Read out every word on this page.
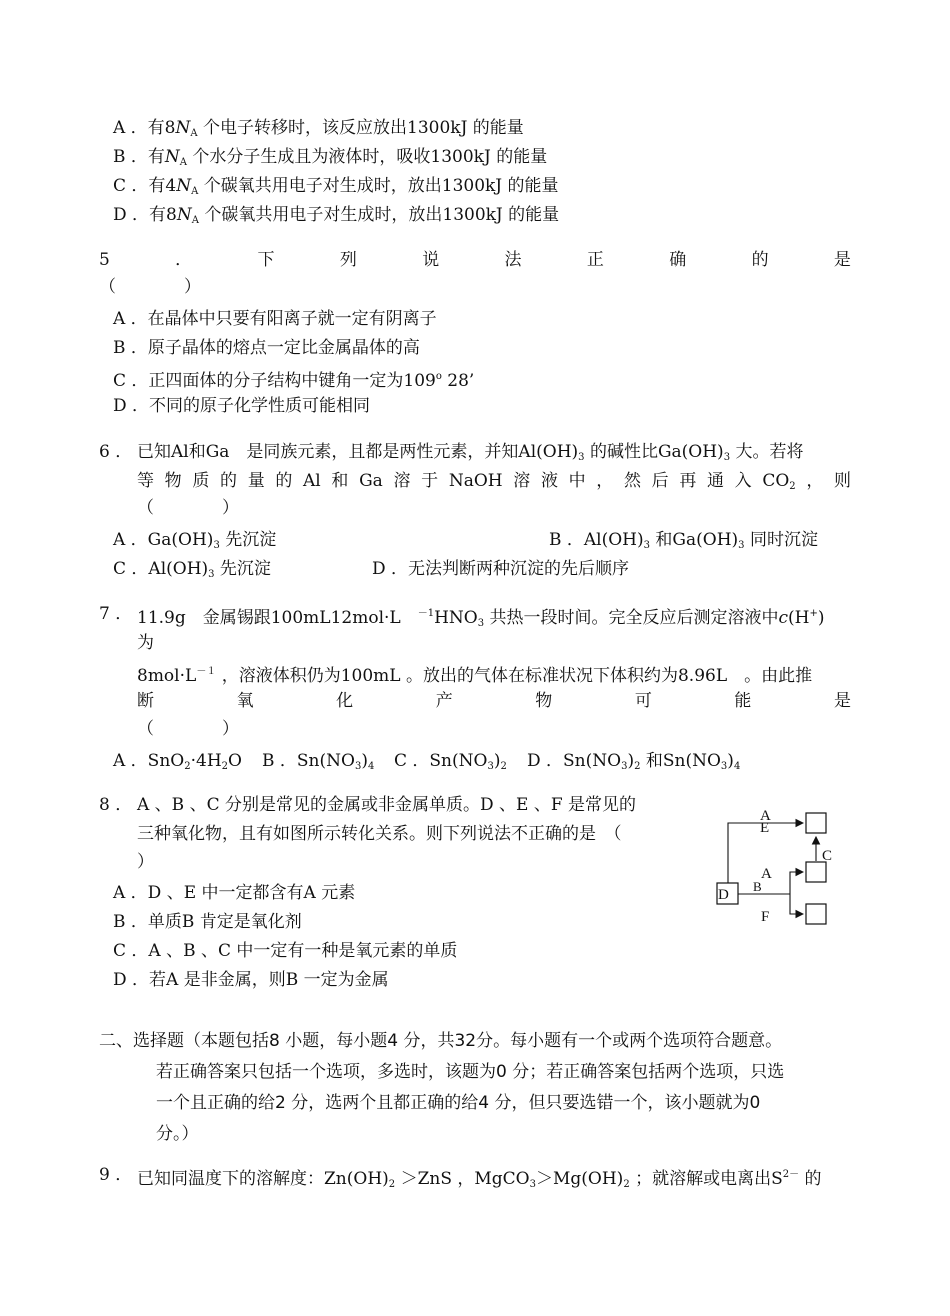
A ．有$8N_A$ 个电子转移时，该反应放出1300kJ 的能量
B ．有$N_A$ 个水分子生成且为液体时，吸收1300kJ 的能量
C ．有$4N_A$ 个碳氧共用电子对生成时，放出1300kJ 的能量
D ．有$8N_A$ 个碳氧共用电子对生成时，放出1300kJ 的能量
5	．	下	列	说	法	正	确	的	是
（　　　　）
A ．在晶体中只要有阳离子就一定有阴离子
B ．原子晶体的熔点一定比金属晶体的高
C ．正四面体的分子结构中键角一定为109$^o$ 28’
D ．不同的原子化学性质可能相同
6 ． 已知Al和Ga　是同族元素，且都是两性元素，并知$Al(OH)_3$ 的碱性比$Ga(OH)_3$ 大。若将
等 物 质 的 量 的 Al 和 Ga 溶 于 NaOH 溶 液 中 ， 然 后 再 通 入 $CO_2$ ， 则
（　　　　）
A ．$Ga(OH)_3$ 先沉淀	B ．$Al(OH)_3$ 和$Ga(OH)_3$ 同时沉淀
C ．$Al(OH)_3$ 先沉淀	D ．无法判断两种沉淀的先后顺序
7 ． 11.9g　金属锡跟100mL12mol·L　$^{-1}HNO_3$ 共热一段时间。完全反应后测定溶液中c(H+)
为
$8mol\cdot L^{-1}$ ，溶液体积仍为100mL 。放出的气体在标准状况下体积约为8.96L　。由此推
断	氧	化	产	物	可	能	是
（　　　　）
A ．$SnO_2\cdot 4H_2O$ B ．$Sn(NO_3)_4$ C ．$Sn(NO_3)_2$ D ．$Sn(NO_3)_2$ 和$Sn(NO_3)_4$
8 ． A 、B 、C 分别是常见的金属或非金属单质。D 、E 、F 是常见的
三种氧化物，且有如图所示转化关系。则下列说法不正确的是　（
）
A ．D 、E 中一定都含有A 元素
B ．单质B 肯定是氧化剂
C ．A 、B 、C 中一定有一种是氧元素的单质
D ．若A 是非金属，则B 一定为金属
D
A
E
A
B
C
F
二、选择题（本题包括8 小题，每小题4 分，共32分。每小题有一个或两个选项符合题意。
若正确答案只包括一个选项，多选时，该题为0 分；若正确答案包括两个选项，只选
一个且正确的给2 分，选两个且都正确的给4 分，但只要选错一个，该小题就为0
分。）
9 ． 已知同温度下的溶解度：$Zn(OH)_2 >ZnS$ ，$MgCO_3>Mg(OH)_2$ ；就溶解或电离出$S^{2-}$ 的
